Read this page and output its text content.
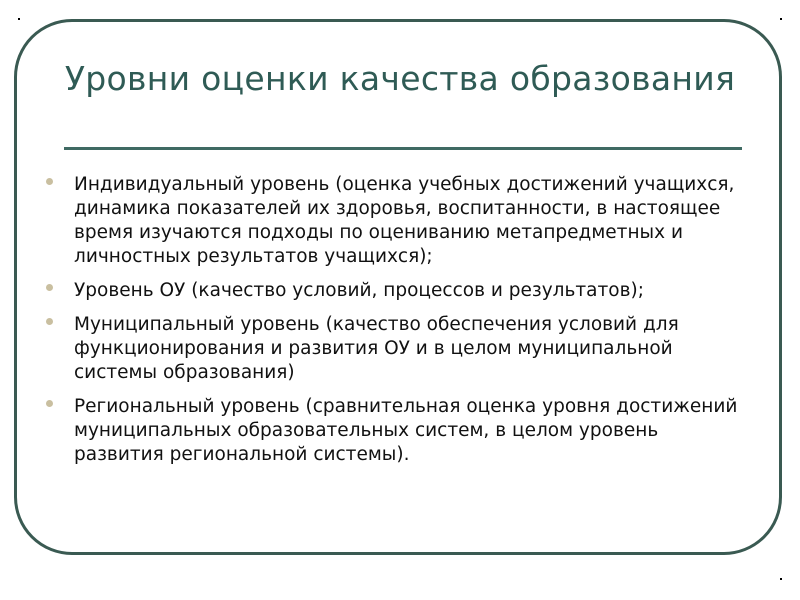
Уровни оценки качества образования
Индивидуальный уровень (оценка учебных достижений учащихся, динамика показателей их здоровья, воспитанности, в настоящее время изучаются подходы по оцениванию метапредметных и личностных результатов учащихся);
Уровень ОУ (качество условий, процессов и результатов);
Муниципальный уровень (качество обеспечения условий для функционирования и развития ОУ и в целом муниципальной системы образования)
Региональный уровень (сравнительная оценка уровня достижений муниципальных образовательных систем, в целом уровень развития региональной системы).
